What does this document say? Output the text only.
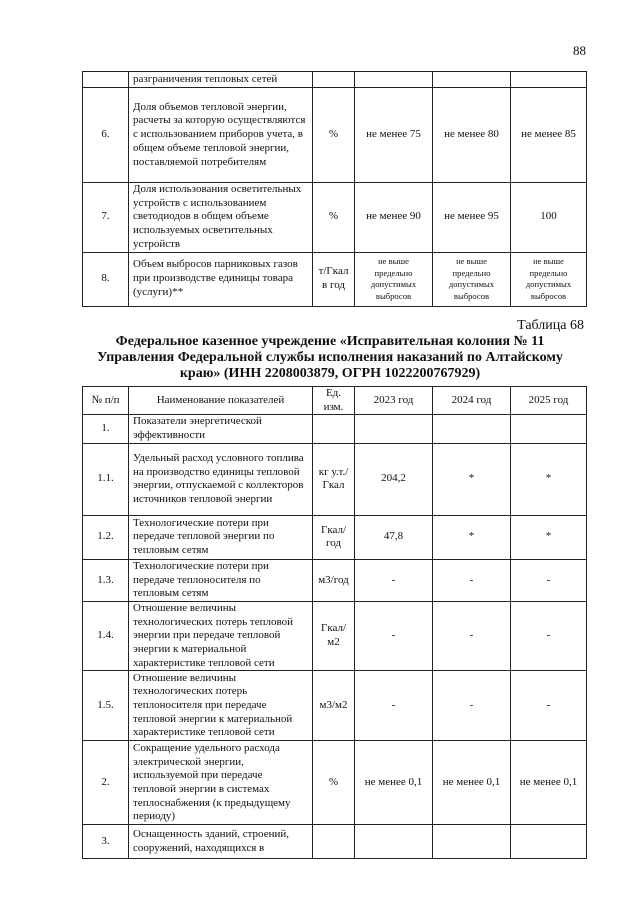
88
	разграничения тепловых сетей				
6.	Доля объемов тепловой энергии, расчеты за которую осуществляются с использованием приборов учета, в общем объеме тепловой энергии, поставляемой потребителям	%	не менее 75	не менее 80	не менее 85
7.	Доля использования осветительных устройств с использованием светодиодов в общем объеме используемых осветительных устройств	%	не менее 90	не менее 95	100
8.	Объем выбросов парниковых газов при производстве единицы товара (услуги)**	т/Гкал в год	не выше предельно допустимых выбросов	не выше предельно допустимых выбросов	не выше предельно допустимых выбросов
Таблица 68
Федеральное казенное учреждение «Исправительная колония № 11 Управления Федеральной службы исполнения наказаний по Алтайскому краю» (ИНН 2208003879, ОГРН 1022200767929)
№ п/п	Наименование показателей	Ед. изм.	2023 год	2024 год	2025 год
1.	Показатели энергетической эффективности				
1.1.	Удельный расход условного топлива на производство единицы тепловой энергии, отпускаемой с коллекторов источников тепловой энергии	кг у.т./ Гкал	204,2	*	*
1.2.	Технологические потери при передаче тепловой энергии по тепловым сетям	Гкал/ год	47,8	*	*
1.3.	Технологические потери при передаче теплоносителя по тепловым сетям	м3/год	-	-	-
1.4.	Отношение величины технологических потерь тепловой энергии при передаче тепловой энергии к материальной характеристике тепловой сети	Гкал/ м2	-	-	-
1.5.	Отношение величины технологических потерь теплоносителя при передаче тепловой энергии к материальной характеристике тепловой сети	м3/м2	-	-	-
2.	Сокращение удельного расхода электрической энергии, используемой при передаче тепловой энергии в системах теплоснабжения (к предыдущему периоду)	%	не менее 0,1	не менее 0,1	не менее 0,1
3.	Оснащенность зданий, строений, сооружений, находящихся в				
